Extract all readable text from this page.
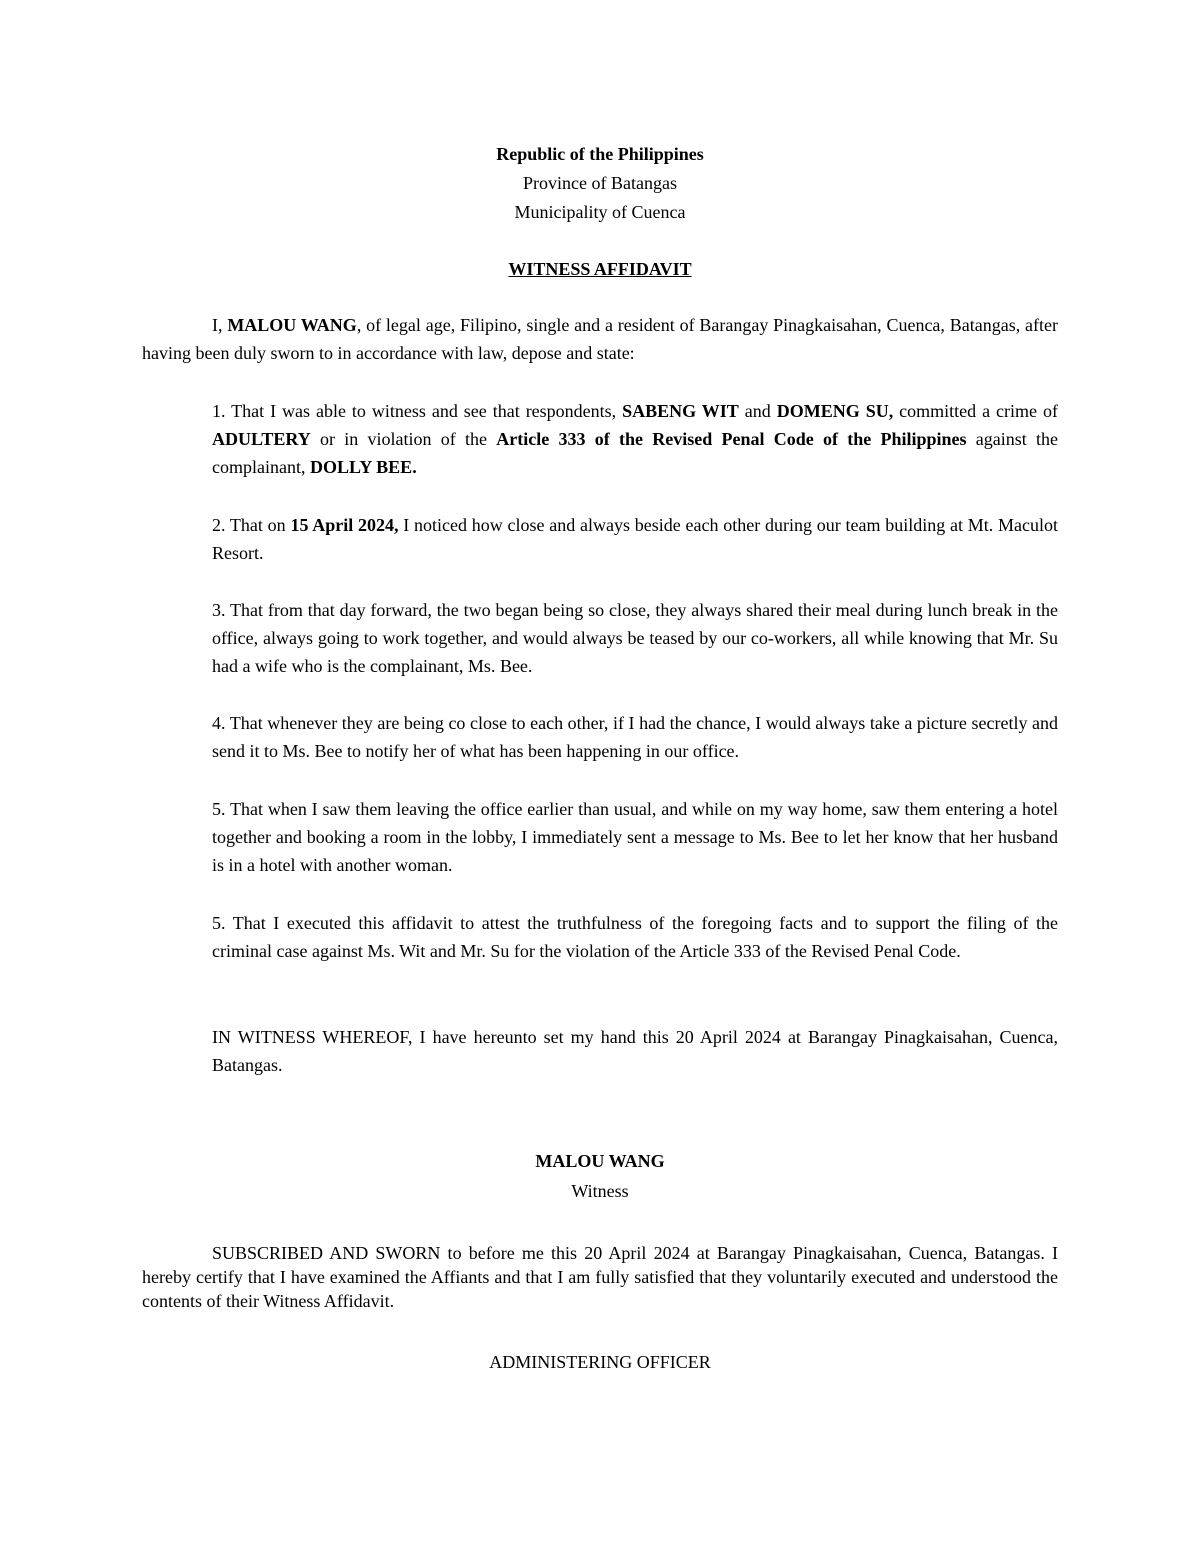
Republic of the Philippines
Province of Batangas
Municipality of Cuenca
WITNESS AFFIDAVIT
I, MALOU WANG, of legal age, Filipino, single and a resident of Barangay Pinagkaisahan, Cuenca, Batangas, after having been duly sworn to in accordance with law, depose and state:
1. That I was able to witness and see that respondents, SABENG WIT and DOMENG SU, committed a crime of ADULTERY or in violation of the Article 333 of the Revised Penal Code of the Philippines against the complainant, DOLLY BEE.
2. That on 15 April 2024, I noticed how close and always beside each other during our team building at Mt. Maculot Resort.
3. That from that day forward, the two began being so close, they always shared their meal during lunch break in the office, always going to work together, and would always be teased by our co-workers, all while knowing that Mr. Su had a wife who is the complainant, Ms. Bee.
4. That whenever they are being co close to each other, if I had the chance, I would always take a picture secretly and send it to Ms. Bee to notify her of what has been happening in our office.
5. That when I saw them leaving the office earlier than usual, and while on my way home, saw them entering a hotel together and booking a room in the lobby, I immediately sent a message to Ms. Bee to let her know that her husband is in a hotel with another woman.
5. That I executed this affidavit to attest the truthfulness of the foregoing facts and to support the filing of the criminal case against Ms. Wit and Mr. Su for the violation of the Article 333 of the Revised Penal Code.
IN WITNESS WHEREOF, I have hereunto set my hand this 20 April 2024 at Barangay Pinagkaisahan, Cuenca, Batangas.
MALOU WANG
Witness
SUBSCRIBED AND SWORN to before me this 20 April 2024 at Barangay Pinagkaisahan, Cuenca, Batangas. I hereby certify that I have examined the Affiants and that I am fully satisfied that they voluntarily executed and understood the contents of their Witness Affidavit.
ADMINISTERING OFFICER
